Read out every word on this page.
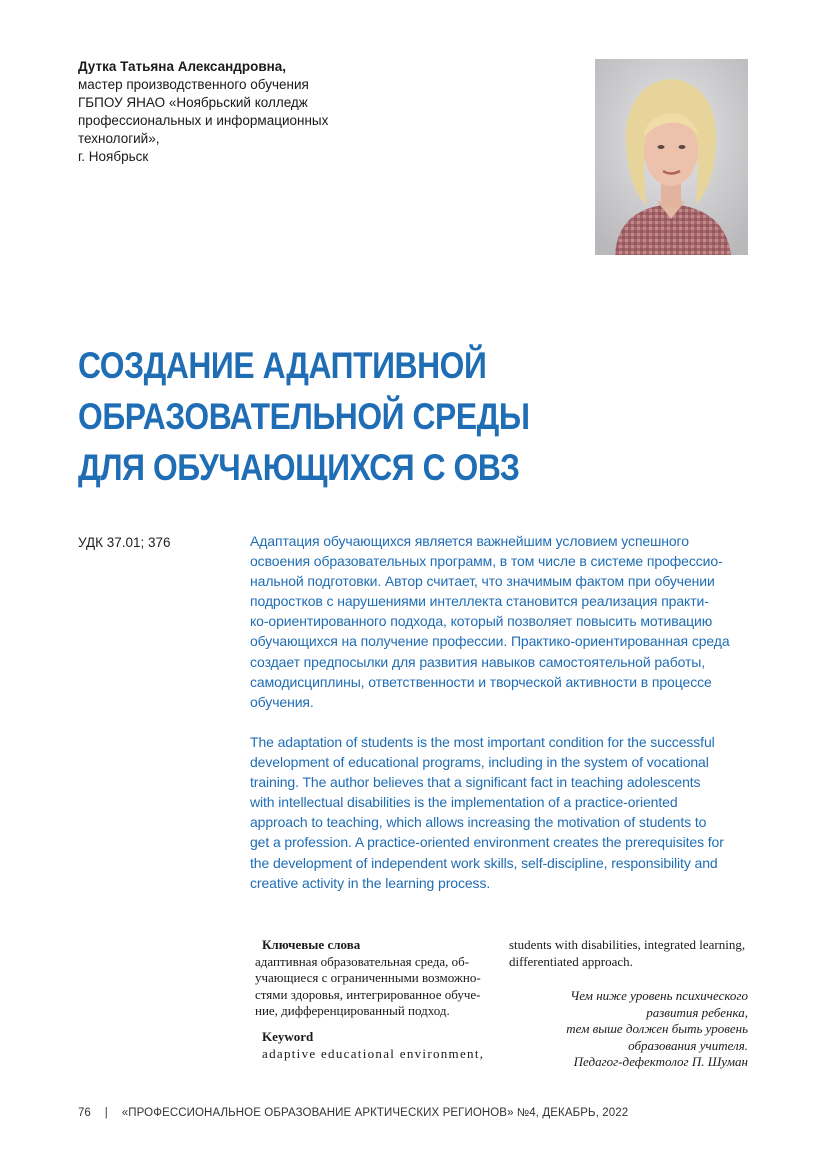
Дутка Татьяна Александровна,
мастер производственного обучения
ГБПОУ ЯНАО «Ноябрьский колледж
профессиональных и информационных
технологий»,
г. Ноябрьск
СОЗДАНИЕ АДАПТИВНОЙ
ОБРАЗОВАТЕЛЬНОЙ СРЕДЫ
ДЛЯ ОБУЧАЮЩИХСЯ С ОВЗ
УДК 37.01; 376	Адаптация обучающихся является важнейшим условием успешного
освоения образовательных программ, в том числе в системе профессио-
нальной подготовки. Автор считает, что значимым фактом при обучении
подростков с нарушениями интеллекта становится реализация практи-
ко-ориентированного подхода, который позволяет повысить мотивацию
обучающихся на получение профессии. Практико-ориентированная среда
создает предпосылки для развития навыков самостоятельной работы,
самодисциплины, ответственности и творческой активности в процессе
обучения.
The adaptation of students is the most important condition for the successful
development of educational programs, including in the system of vocational
training. The author believes that a significant fact in teaching adolescents
with intellectual disabilities is the implementation of a practice-oriented
approach to teaching, which allows increasing the motivation of students to
get a profession. A practice-oriented environment creates the prerequisites for
the development of independent work skills, self-discipline, responsibility and
creative activity in the learning process.
Ключевые слова
адаптивная образовательная среда, об-
учающиеся с ограниченными возможно-
стями здоровья, интегрированное обуче-
ние, дифференцированный подход.
Keyword
adaptive educational environment,
students with disabilities, integrated learning,
differentiated approach.
Чем ниже уровень психического
развития ребенка,
тем выше должен быть уровень
образования учителя.
Педагог-дефектолог П. Шуман
76 | «ПРОФЕССИОНАЛЬНОЕ ОБРАЗОВАНИЕ АРКТИЧЕСКИХ РЕГИОНОВ» №4, ДЕКАБРЬ, 2022
